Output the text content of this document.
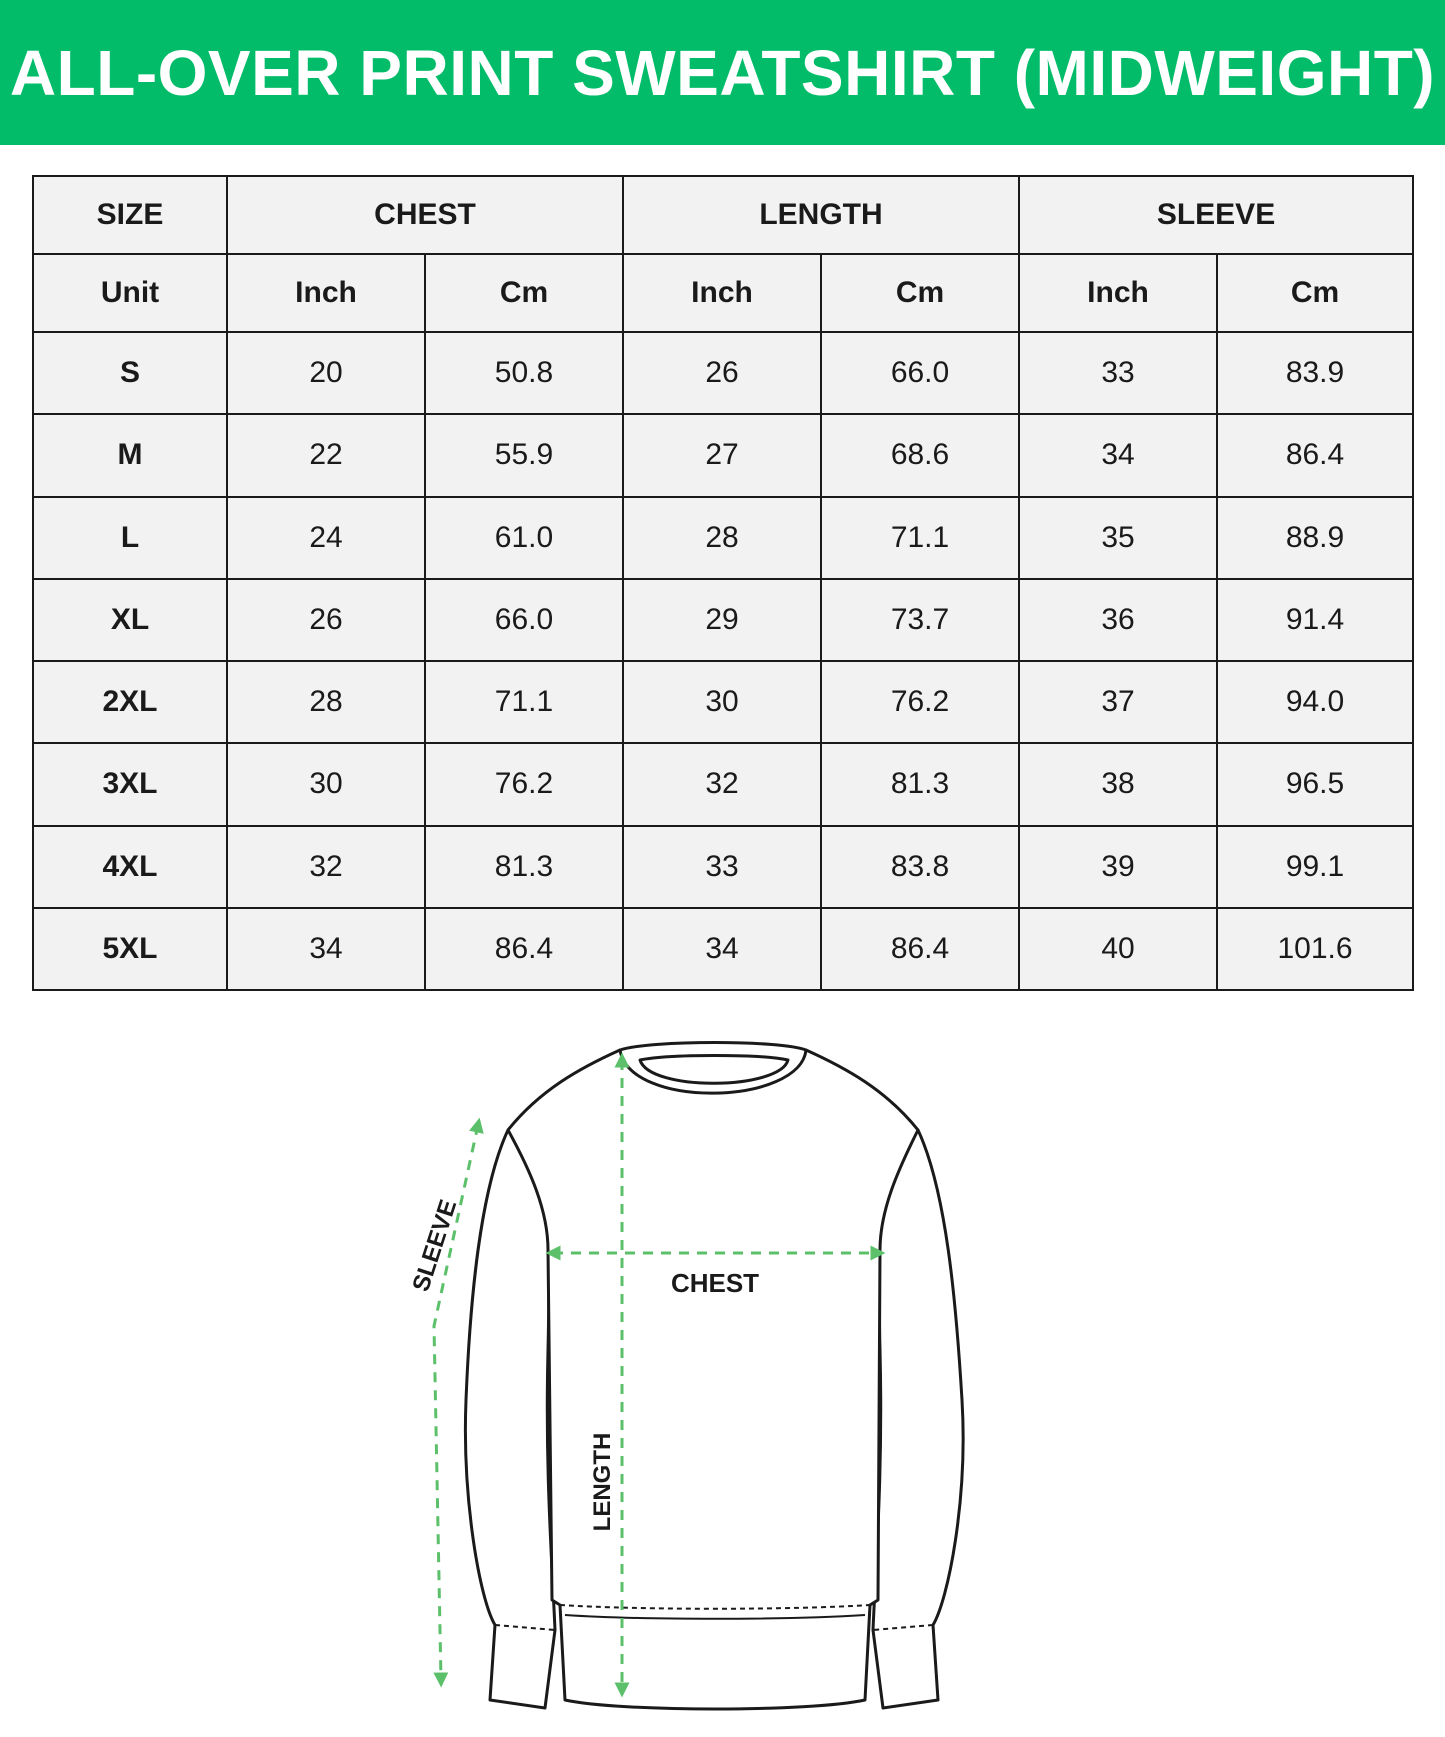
ALL-OVER PRINT SWEATSHIRT (MIDWEIGHT)
SIZE	CHEST		LENGTH		SLEEVE	
Unit	Inch	Cm	Inch	Cm	Inch	Cm
S	20	50.8	26	66.0	33	83.9
M	22	55.9	27	68.6	34	86.4
L	24	61.0	28	71.1	35	88.9
XL	26	66.0	29	73.7	36	91.4
2XL	28	71.1	30	76.2	37	94.0
3XL	30	76.2	32	81.3	38	96.5
4XL	32	81.3	33	83.8	39	99.1
5XL	34	86.4	34	86.4	40	101.6
CHEST
LENGTH
SLEEVE
